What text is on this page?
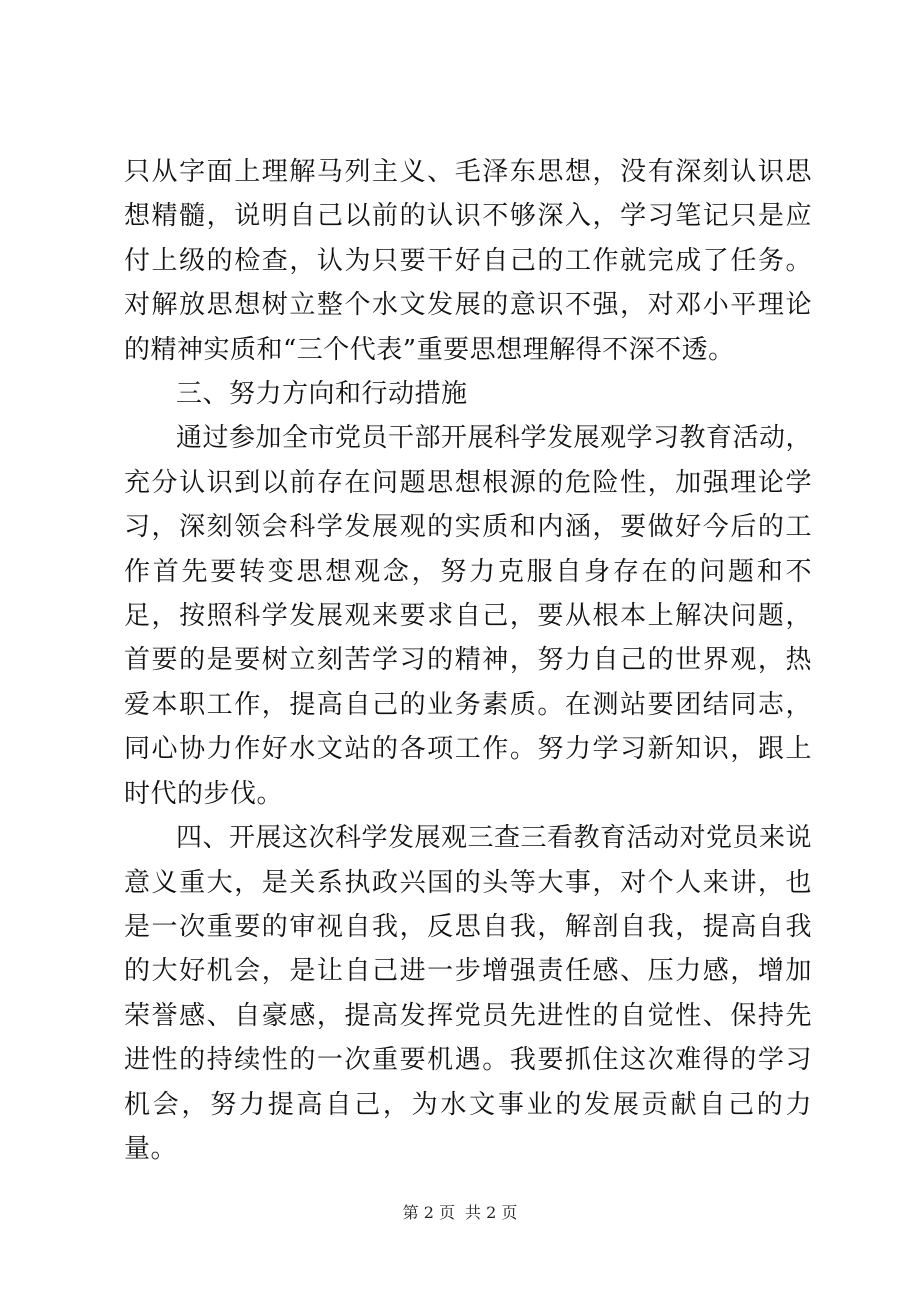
只从字面上理解马列主义、毛泽东思想，没有深刻认识思想精髓，说明自己以前的认识不够深入，学习笔记只是应付上级的检查，认为只要干好自己的工作就完成了任务。对解放思想树立整个水文发展的意识不强，对邓小平理论的精神实质和“三个代表”重要思想理解得不深不透。

三、努力方向和行动措施

通过参加全市党员干部开展科学发展观学习教育活动，充分认识到以前存在问题思想根源的危险性，加强理论学习，深刻领会科学发展观的实质和内涵，要做好今后的工作首先要转变思想观念，努力克服自身存在的问题和不足，按照科学发展观来要求自己，要从根本上解决问题，首要的是要树立刻苦学习的精神，努力自己的世界观，热爱本职工作，提高自己的业务素质。在测站要团结同志，同心协力作好水文站的各项工作。努力学习新知识，跟上时代的步伐。

四、开展这次科学发展观三查三看教育活动对党员来说意义重大，是关系执政兴国的头等大事，对个人来讲，也是一次重要的审视自我，反思自我，解剖自我，提高自我的大好机会，是让自己进一步增强责任感、压力感，增加荣誉感、自豪感，提高发挥党员先进性的自觉性、保持先进性的持续性的一次重要机遇。我要抓住这次难得的学习机会，努力提高自己，为水文事业的发展贡献自己的力量。

第 2 页 共 2 页
